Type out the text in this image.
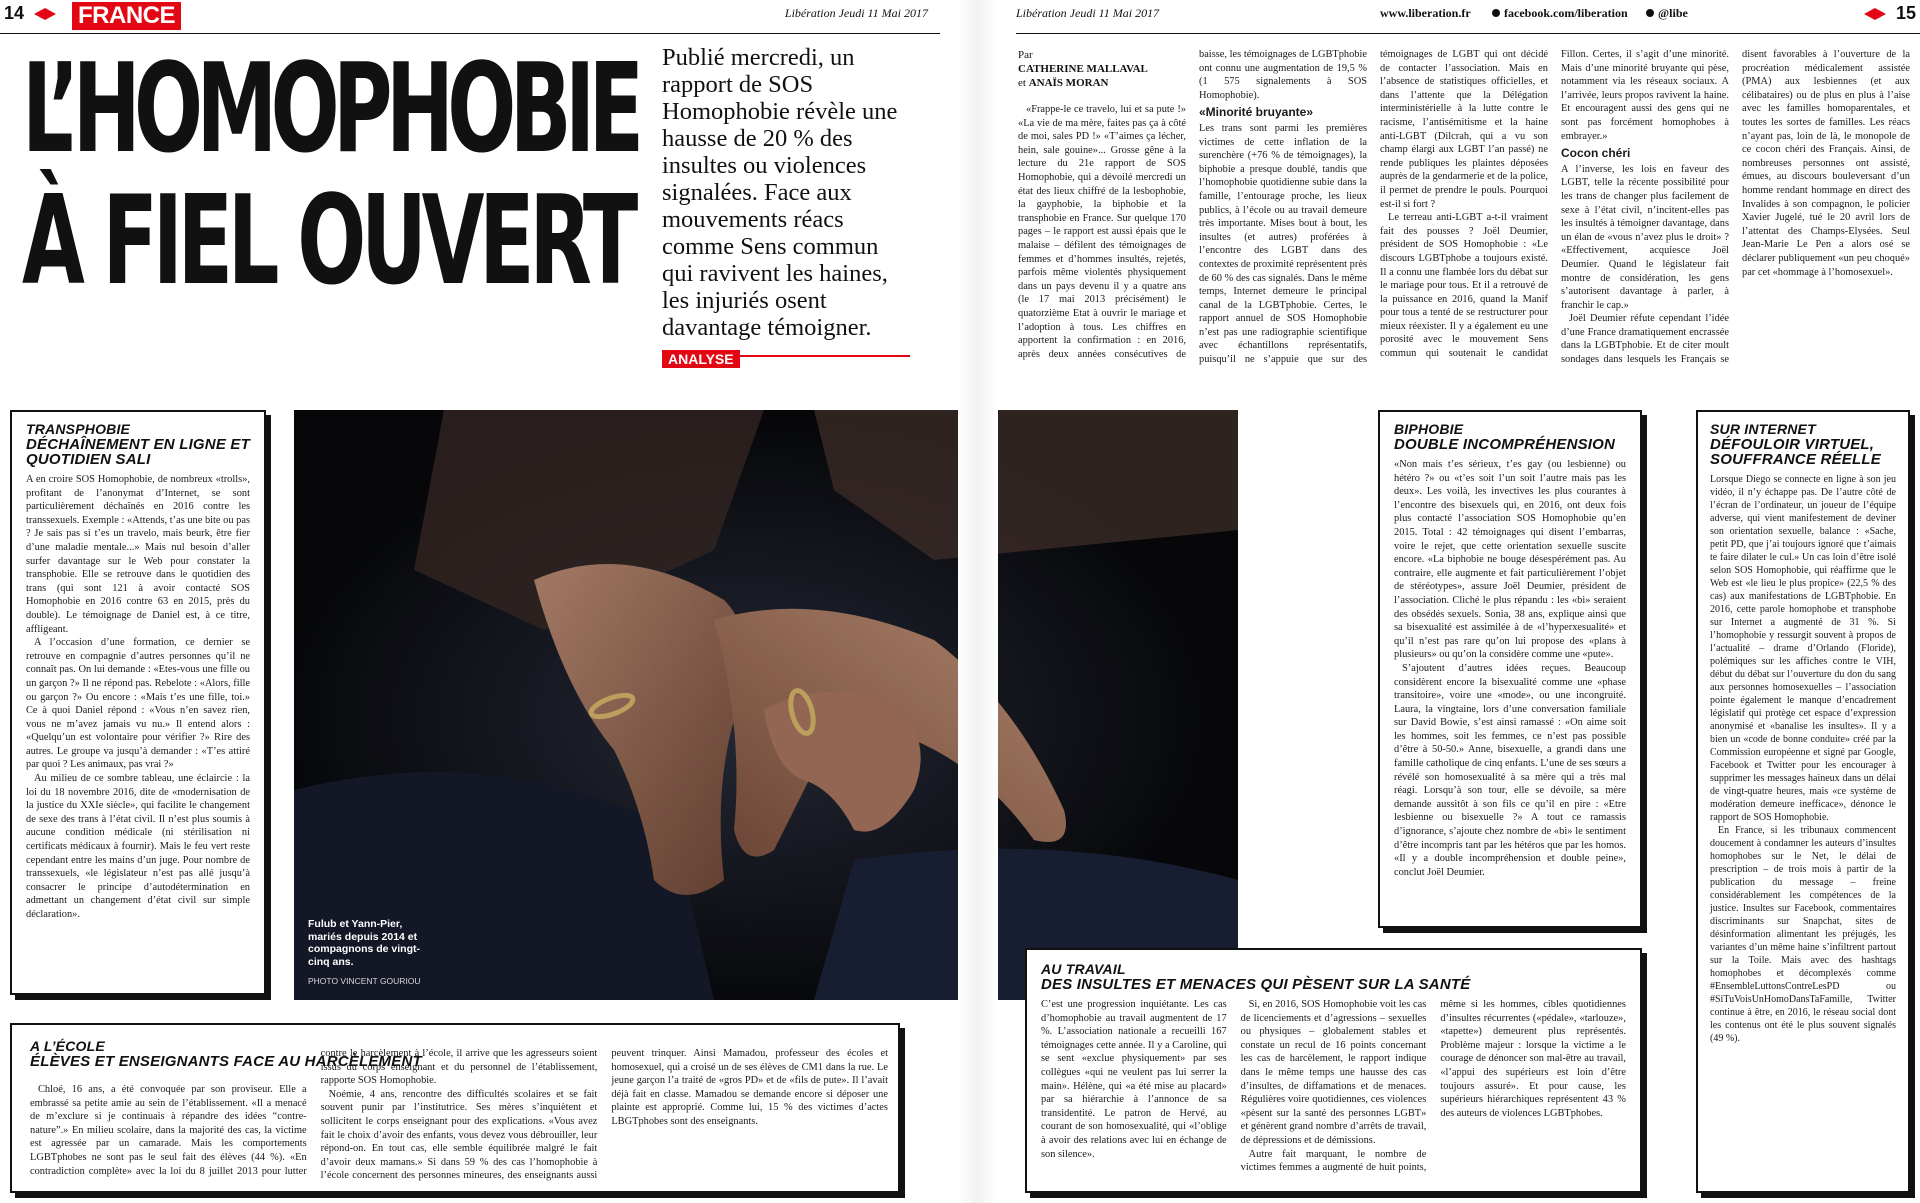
14 FRANCE	Libération Jeudi 11 Mai 2017	Libération Jeudi 11 Mai 2017	www.liberation.fr	facebook.com/liberation	@libe	15
L’HOMOPHOBIE
À FIEL OUVERT
Publié mercredi, un rapport de SOS Homophobie révèle une hausse de 20 % des insultes ou violences signalées. Face aux mouvements réacs comme Sens commun qui ravivent les haines, les injuriés osent davantage témoigner.
ANALYSE
Par
CATHERINE MALLAVAL
et ANAÏS MORAN

«Frappe-le ce travelo, lui et sa pute !» «La vie de ma mère, faites pas ça à côté de moi, sales PD !» «T’aimes ça lécher, hein, sale gouine»... Grosse gêne à la lecture du 21e rapport de SOS Homophobie, qui a dévoilé mercredi un état des lieux chiffré de la lesbophobie, la gayphobie, la biphobie et la transphobie en France. Sur quelque 170 pages – le rapport est aussi épais que le malaise – défilent des témoignages de femmes et d’hommes insultés, rejetés, parfois même violentés physiquement dans un pays devenu il y a quatre ans (le 17 mai 2013 précisément) le quatorzième Etat à ouvrir le mariage et l’adoption à tous. Les chiffres en apportent la confirmation : en 2016, après deux années consécutives de baisse, les témoignages de LGBTphobie ont connu une augmentation de 19,5 % (1 575 signalements à SOS Homophobie).

«Minorité bruyante»

Les trans sont parmi les premières victimes de cette inflation de la surenchère (+76 % de témoignages), la biphobie a presque doublé, tandis que l’homophobie quotidienne subie dans la famille, l’entourage proche, les lieux publics, à l’école ou au travail demeure très importante. Mises bout à bout, les insultes (et autres) proférées à l’encontre des LGBT dans des contextes de proximité représentent près de 60 % des cas signalés. Dans le même temps, Internet demeure le principal canal de la LGBTphobie. Certes, le rapport annuel de SOS Homophobie n’est pas une radiographie scientifique avec échantillons représentatifs, puisqu’il ne s’appuie que sur des témoignages de LGBT qui ont décidé de contacter l’association. Mais en l’absence de statistiques officielles, et dans l’attente que la Délégation interministérielle à la lutte contre le racisme, l’antisémitisme et la haine anti-LGBT (Dilcrah, qui a vu son champ élargi aux LGBT l’an passé) ne rende publiques les plaintes déposées auprès de la gendarmerie et de la police, il permet de prendre le pouls. Pourquoi est-il si fort ?

Le terreau anti-LGBT a-t-il vraiment fait des pousses ? Joël Deumier, président de SOS Homophobie : «Le discours LGBTphobe a toujours existé. Il a connu une flambée lors du débat sur le mariage pour tous. Et il a retrouvé de la puissance en 2016, quand la Manif pour tous a tenté de se restructurer pour mieux réexister. Il y a également eu une porosité avec le mouvement Sens commun qui soutenait le candidat Fillon. Certes, il s’agit d’une minorité. Mais d’une minorité bruyante qui pèse, notamment via les réseaux sociaux. A l’arrivée, leurs propos ravivent la haine. Et encouragent aussi des gens qui ne sont pas forcément homophobes à embrayer.»

Cocon chéri

A l’inverse, les lois en faveur des LGBT, telle la récente possibilité pour les trans de changer plus facilement de sexe à l’état civil, n’incitent-elles pas les insultés à témoigner davantage, dans un élan de «vous n’avez plus le droit» ? «Effectivement, acquiesce Joël Deumier. Quand le législateur fait montre de considération, les gens s’autorisent davantage à parler, à franchir le cap.»

Joël Deumier réfute cependant l’idée d’une France dramatiquement encrassée dans la LGBTphobie. Et de citer moult sondages dans lesquels les Français se disent favorables à l’ouverture de la procréation médicalement assistée (PMA) aux lesbiennes (et aux célibataires) ou de plus en plus à l’aise avec les familles homoparentales, et toutes les sortes de familles. Les réacs n’ayant pas, loin de là, le monopole de ce cocon chéri des Français. Ainsi, de nombreuses personnes ont assisté, émues, au discours bouleversant d’un homme rendant hommage en direct des Invalides à son compagnon, le policier Xavier Jugelé, tué le 20 avril lors de l’attentat des Champs-Elysées. Seul Jean-Marie Le Pen a alors osé se déclarer publiquement «un peu choqué» par cet «hommage à l’homosexuel».

Fulub et Yann-Pier, mariés depuis 2014 et compagnons de vingt-cinq ans.
PHOTO VINCENT GOURIOU
TRANSPHOBIE
DÉCHAÎNEMENT EN LIGNE ET QUOTIDIEN SALI

A en croire SOS Homophobie, de nombreux «trolls», profitant de l’anonymat d’Internet, se sont particulièrement déchaînés en 2016 contre les transsexuels. Exemple : «Attends, t’as une bite ou pas ? Je sais pas si t’es un travelo, mais beurk, être fier d’une maladie mentale...» Mais nul besoin d’aller surfer davantage sur le Web pour constater la transphobie. Elle se retrouve dans le quotidien des trans (qui sont 121 à avoir contacté SOS Homophobie en 2016 contre 63 en 2015, près du double). Le témoignage de Daniel est, à ce titre, affligeant.

A l’occasion d’une formation, ce dernier se retrouve en compagnie d’autres personnes qu’il ne connaît pas. On lui demande : «Etes-vous une fille ou un garçon ?» Il ne répond pas. Rebelote : «Alors, fille ou garçon ?» Ou encore : «Mais t’es une fille, toi.» Ce à quoi Daniel répond : «Vous n’en savez rien, vous ne m’avez jamais vu nu.» Il entend alors : «Quelqu’un est volontaire pour vérifier ?» Rire des autres. Le groupe va jusqu’à demander : «T’es attiré par quoi ? Les animaux, pas vrai ?»

Au milieu de ce sombre tableau, une éclaircie : la loi du 18 novembre 2016, dite de «modernisation de la justice du XXIe siècle», qui facilite le changement de sexe des trans à l’état civil. Il n’est plus soumis à aucune condition médicale (ni stérilisation ni certificats médicaux à fournir). Mais le feu vert reste cependant entre les mains d’un juge. Pour nombre de transsexuels, «le législateur n’est pas allé jusqu’à consacrer le principe d’autodétermination en admettant un changement d’état civil sur simple déclaration».

A L’ÉCOLE
ÉLÈVES ET ENSEIGNANTS FACE AU HARCÈLEMENT

Chloé, 16 ans, a été convoquée par son proviseur. Elle a embrassé sa petite amie au sein de l’établissement. «Il a menacé de m’exclure si je continuais à répandre des idées “contre-nature”.» En milieu scolaire, dans la majorité des cas, la victime est agressée par un camarade. Mais les comportements LGBTphobes ne sont pas le seul fait des élèves (44 %). «En contradiction complète» avec la loi du 8 juillet 2013 pour lutter contre le harcèlement à l’école, il arrive que les agresseurs soient issus du corps enseignant et du personnel de l’établissement, rapporte SOS Homophobie.

Noémie, 4 ans, rencontre des difficultés scolaires et se fait souvent punir par l’institutrice. Ses mères s’inquiètent et sollicitent le corps enseignant pour des explications. «Vous avez fait le choix d’avoir des enfants, vous devez vous débrouiller, leur répond-on. En tout cas, elle semble équilibrée malgré le fait d’avoir deux mamans.» Si dans 59 % des cas l’homophobie à l’école concernent des personnes mineures, des enseignants aussi peuvent trinquer. Ainsi Mamadou, professeur des écoles et homosexuel, qui a croisé un de ses élèves de CM1 dans la rue. Le jeune garçon l’a traité de «gros PD» et de «fils de pute». Il l’avait déjà fait en classe. Mamadou se demande encore si déposer une plainte est approprié. Comme lui, 15 % des victimes d’actes LBGTphobes sont des enseignants.

BIPHOBIE
DOUBLE INCOMPRÉHENSION

«Non mais t’es sérieux, t’es gay (ou lesbienne) ou hétéro ?» ou «t’es soit l’un soit l’autre mais pas les deux». Les voilà, les invectives les plus courantes à l’encontre des bisexuels qui, en 2016, ont deux fois plus contacté l’association SOS Homophobie qu’en 2015. Total : 42 témoignages qui disent l’embarras, voire le rejet, que cette orientation sexuelle suscite encore. «La biphobie ne bouge désespérément pas. Au contraire, elle augmente et fait particulièrement l’objet de stéréotypes», assure Joël Deumier, président de l’association. Cliché le plus répandu : les «bi» seraient des obsédés sexuels. Sonia, 38 ans, explique ainsi que sa bisexualité est assimilée à de «l’hyperxesualité» et qu’il n’est pas rare qu’on lui propose des «plans à plusieurs» ou qu’on la considère comme une «pute».

S’ajoutent d’autres idées reçues. Beaucoup considèrent encore la bisexualité comme une «phase transitoire», voire une «mode», ou une incongruité. Laura, la vingtaine, lors d’une conversation familiale sur David Bowie, s’est ainsi ramassé : «On aime soit les hommes, soit les femmes, ce n’est pas possible d’être à 50-50.» Anne, bisexuelle, a grandi dans une famille catholique de cinq enfants. L’une de ses sœurs a révélé son homosexualité à sa mère qui a très mal réagi. Lorsqu’à son tour, elle se dévoile, sa mère demande aussitôt à son fils ce qu’il en pire : «Etre lesbienne ou bisexuelle ?» A tout ce ramassis d’ignorance, s’ajoute chez nombre de «bi» le sentiment d’être incompris tant par les hétéros que par les homos. «Il y a double incompréhension et double peine», conclut Joël Deumier.

AU TRAVAIL
DES INSULTES ET MENACES QUI PÈSENT SUR LA SANTÉ

C’est une progression inquiétante. Les cas d’homophobie au travail augmentent de 17 %. L’association nationale a recueilli 167 témoignages cette année. Il y a Caroline, qui se sent «exclue physiquement» par ses collègues «qui ne veulent pas lui serrer la main». Hélène, qui «a été mise au placard» par sa hiérarchie à l’annonce de sa transidentité. Le patron de Hervé, au courant de son homosexualité, qui «l’oblige à avoir des relations avec lui en échange de son silence».

Si, en 2016, SOS Homophobie voit les cas de licenciements et d’agressions – sexuelles ou physiques – globalement stables et constate un recul de 16 points concernant les cas de harcèlement, le rapport indique dans le même temps une hausse des cas d’insultes, de diffamations et de menaces. Régulières voire quotidiennes, ces violences «pèsent sur la santé des personnes LGBT» et génèrent grand nombre d’arrêts de travail, de dépressions et de démissions.

Autre fait marquant, le nombre de victimes femmes a augmenté de huit points, même si les hommes, cibles quotidiennes d’insultes récurrentes («pédale», «tarlouze», «tapette») demeurent plus représentés. Problème majeur : lorsque la victime a le courage de dénoncer son mal-être au travail, «l’appui des supérieurs est loin d’être toujours assuré». Et pour cause, les supérieurs hiérarchiques représentent 43 % des auteurs de violences LGBTphobes.

SUR INTERNET
DÉFOULOIR VIRTUEL, SOUFFRANCE RÉELLE

Lorsque Diego se connecte en ligne à son jeu vidéo, il n’y échappe pas. De l’autre côté de l’écran de l’ordinateur, un joueur de l’équipe adverse, qui vient manifestement de deviner son orientation sexuelle, balance : «Sache, petit PD, que j’ai toujours ignoré que t’aimais te faire dilater le cul.» Un cas loin d’être isolé selon SOS Homophobie, qui réaffirme que le Web est «le lieu le plus propice» (22,5 % des cas) aux manifestations de LGBTphobie. En 2016, cette parole homophobe et transphobe sur Internet a augmenté de 31 %. Si l’homophobie y ressurgit souvent à propos de l’actualité – drame d’Orlando (Floride), polémiques sur les affiches contre le VIH, début du débat sur l’ouverture du don du sang aux personnes homosexuelles – l’association pointe également le manque d’encadrement législatif qui protège cet espace d’expression anonymisé et «banalise les insultes». Il y a bien un «code de bonne conduite» créé par la Commission européenne et signé par Google, Facebook et Twitter pour les encourager à supprimer les messages haineux dans un délai de vingt-quatre heures, mais «ce système de modération demeure inefficace», dénonce le rapport de SOS Homophobie.

En France, si les tribunaux commencent doucement à condamner les auteurs d’insultes homophobes sur le Net, le délai de prescription – de trois mois à partir de la publication du message – freine considérablement les compétences de la justice. Insultes sur Facebook, commentaires discriminants sur Snapchat, sites de désinformation alimentant les préjugés, les variantes d’un même haine s’infiltrent partout sur la Toile. Mais avec des hashtags homophobes et décomplexés comme #EnsembleLuttonsContreLesPD ou #SiTuVoisUnHomoDansTaFamille, Twitter continue à être, en 2016, le réseau social dont les contenus ont été le plus souvent signalés (49 %).
